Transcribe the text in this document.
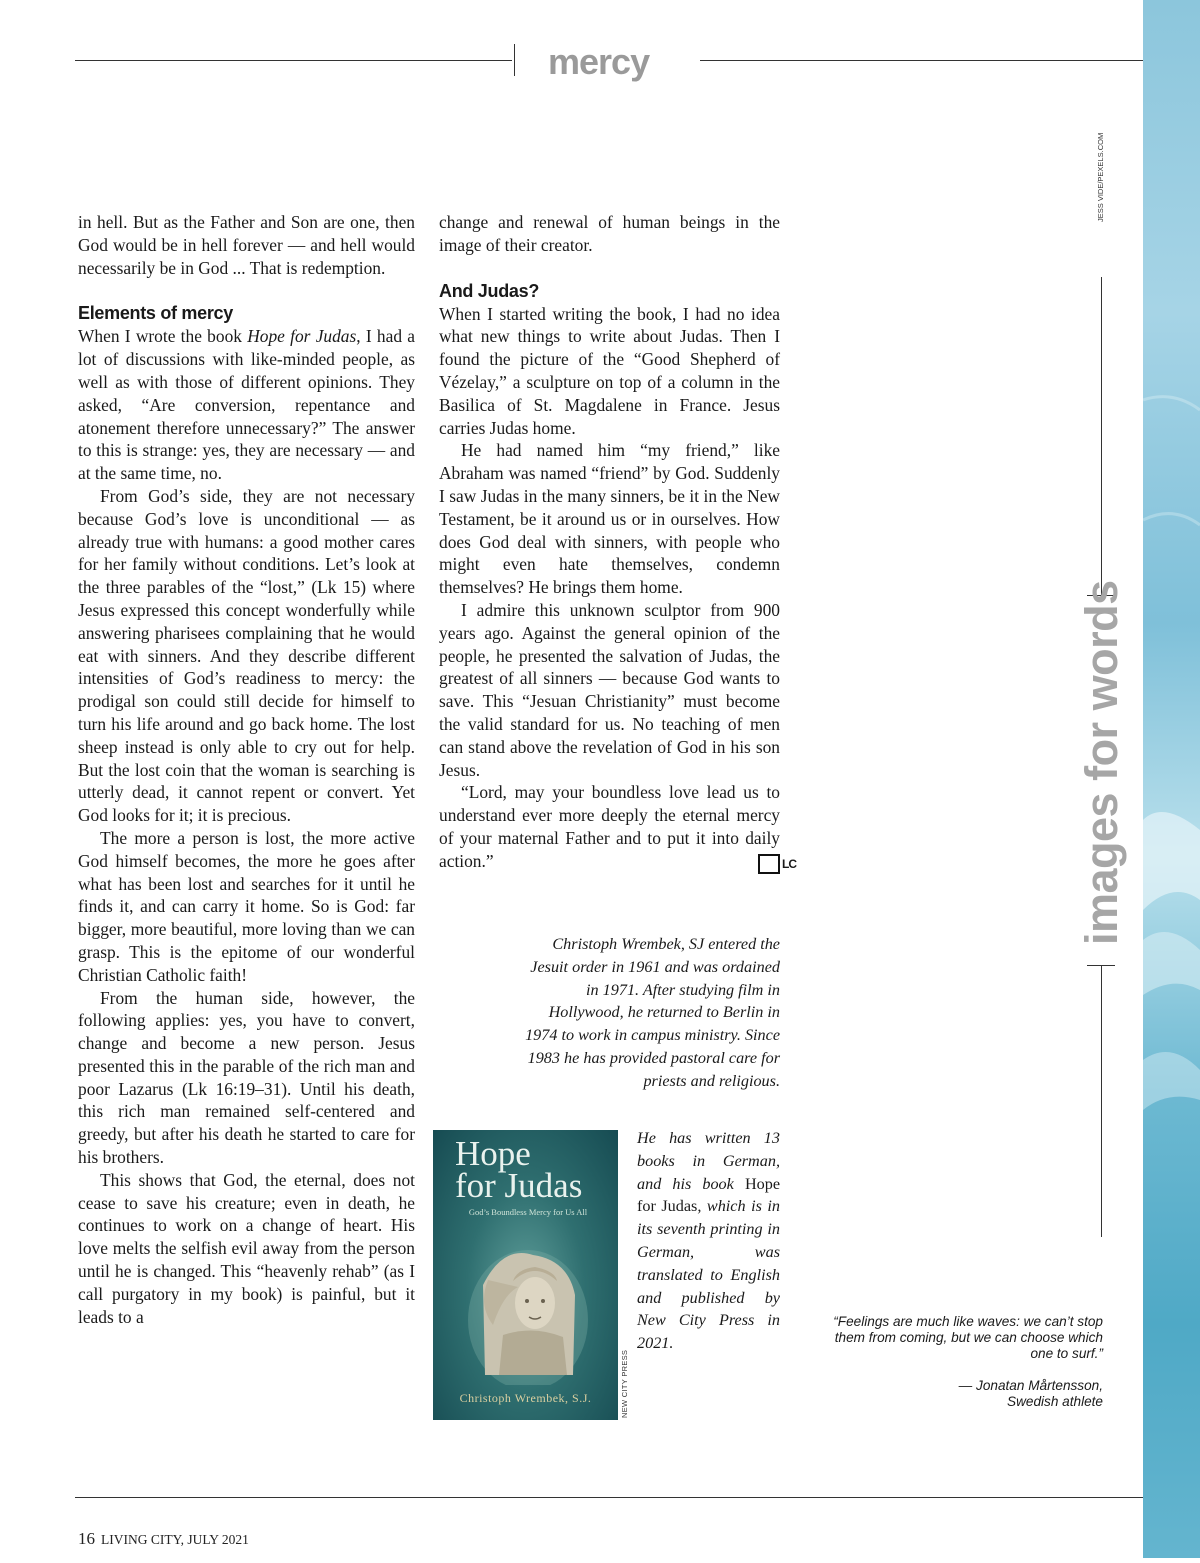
mercy

in hell. But as the Father and Son are one, then God would be in hell forever — and hell would necessarily be in God ... That is redemption.

Elements of mercy

When I wrote the book Hope for Judas, I had a lot of discussions with like-minded people, as well as with those of different opinions. They asked, “Are conversion, repentance and atonement therefore unnecessary?” The answer to this is strange: yes, they are necessary — and at the same time, no.

From God’s side, they are not necessary because God’s love is unconditional — as already true with humans: a good mother cares for her family without conditions. Let’s look at the three parables of the “lost,” (Lk 15) where Jesus expressed this concept wonderfully while answering pharisees complaining that he would eat with sinners. And they describe different intensities of God’s readiness to mercy: the prodigal son could still decide for himself to turn his life around and go back home. The lost sheep instead is only able to cry out for help. But the lost coin that the woman is searching is utterly dead, it cannot repent or convert. Yet God looks for it; it is precious.

The more a person is lost, the more active God himself becomes, the more he goes after what has been lost and searches for it until he finds it, and can carry it home. So is God: far bigger, more beautiful, more loving than we can grasp. This is the epitome of our wonderful Christian Catholic faith!

From the human side, however, the following applies: yes, you have to convert, change and become a new person. Jesus presented this in the parable of the rich man and poor Lazarus (Lk 16:19–31). Until his death, this rich man remained self-centered and greedy, but after his death he started to care for his brothers.

This shows that God, the eternal, does not cease to save his creature; even in death, he continues to work on a change of heart. His love melts the selfish evil away from the person until he is changed. This “heavenly rehab” (as I call purgatory in my book) is painful, but it leads to a

change and renewal of human beings in the image of their creator.

And Judas?

When I started writing the book, I had no idea what new things to write about Judas. Then I found the picture of the “Good Shepherd of Vézelay,” a sculpture on top of a column in the Basilica of St. Magdalene in France. Jesus carries Judas home.

He had named him “my friend,” like Abraham was named “friend” by God. Suddenly I saw Judas in the many sinners, be it in the New Testament, be it around us or in ourselves. How does God deal with sinners, with people who might even hate themselves, condemn themselves? He brings them home.

I admire this unknown sculptor from 900 years ago. Against the general opinion of the people, he presented the salvation of Judas, the greatest of all sinners — because God wants to save. This “Jesuan Christianity” must become the valid standard for us. No teaching of men can stand above the revelation of God in his son Jesus.

“Lord, may your boundless love lead us to understand ever more deeply the eternal mercy of your maternal Father and to put it into daily action.”	LC

Christoph Wrembek, SJ entered the Jesuit order in 1961 and was ordained in 1971. After studying film in Hollywood, he returned to Berlin in 1974 to work in campus ministry. Since 1983 he has provided pastoral care for priests and religious.
He has written 13 books in German, and his book Hope for Judas, which is in its seventh printing in German, was translated to English and published by New City Press in 2021.
Hope
for Judas
God’s Boundless Mercy for Us All
Christoph Wrembek, S.J.	NEW CITY PRESS
JESS VIDE/PEXELS.COM
images for words
“Feelings are much like waves: we can’t stop them from coming, but we can choose which one to surf.”
— Jonatan Mårtensson,
Swedish athlete
16 LIVING CITY, JULY 2021
